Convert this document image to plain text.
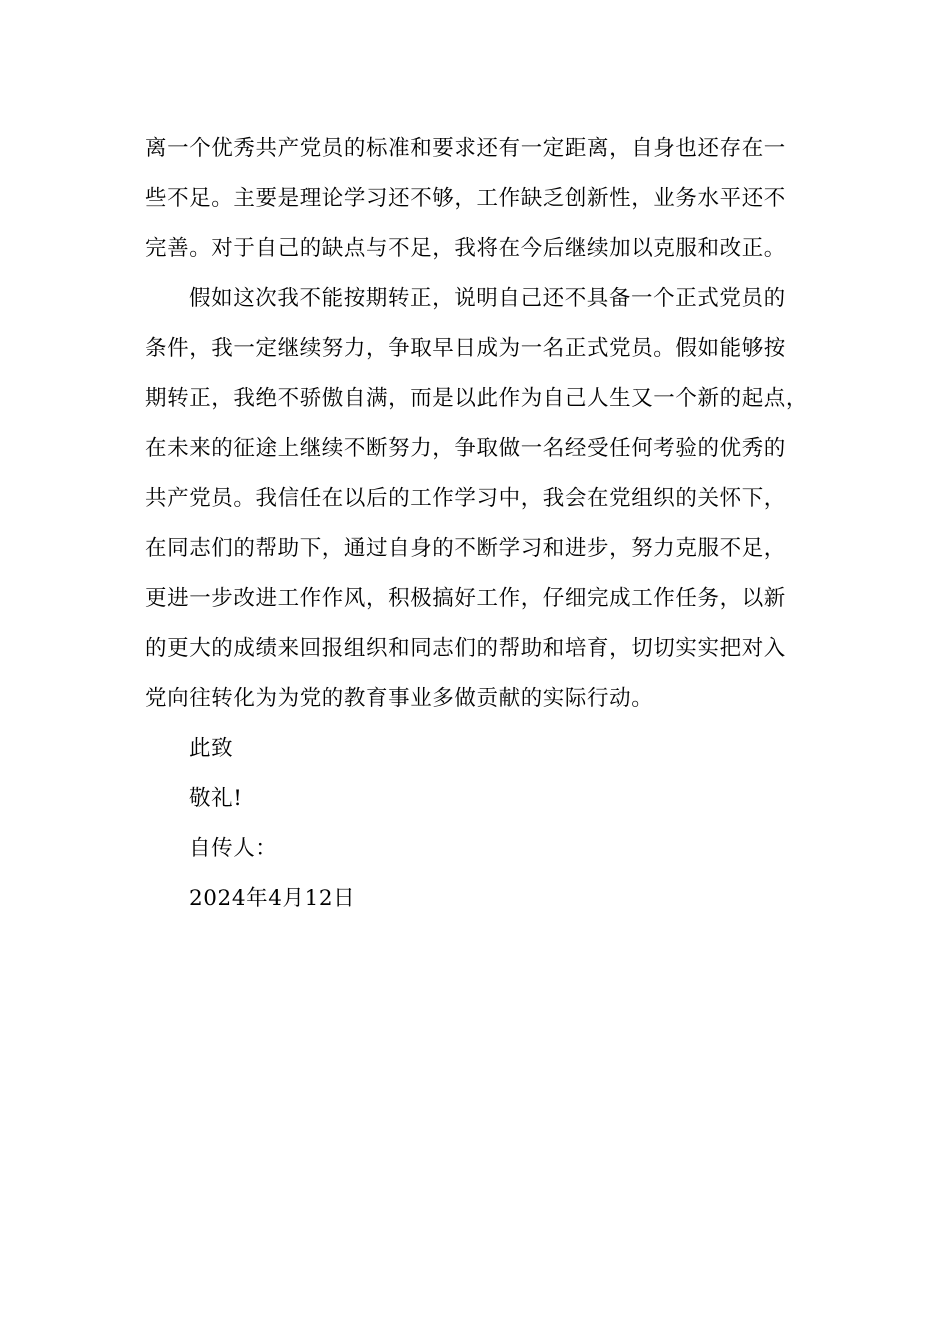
离一个优秀共产党员的标准和要求还有一定距离，自身也还存在一
些不足。主要是理论学习还不够，工作缺乏创新性，业务水平还不
完善。对于自己的缺点与不足，我将在今后继续加以克服和改正。
假如这次我不能按期转正，说明自己还不具备一个正式党员的
条件，我一定继续努力，争取早日成为一名正式党员。假如能够按
期转正，我绝不骄傲自满，而是以此作为自己人生又一个新的起点，
在未来的征途上继续不断努力，争取做一名经受任何考验的优秀的
共产党员。我信任在以后的工作学习中，我会在党组织的关怀下，
在同志们的帮助下，通过自身的不断学习和进步，努力克服不足，
更进一步改进工作作风，积极搞好工作，仔细完成工作任务，以新
的更大的成绩来回报组织和同志们的帮助和培育，切切实实把对入
党向往转化为为党的教育事业多做贡献的实际行动。
此致
敬礼!
自传人：
2024年4月12日
